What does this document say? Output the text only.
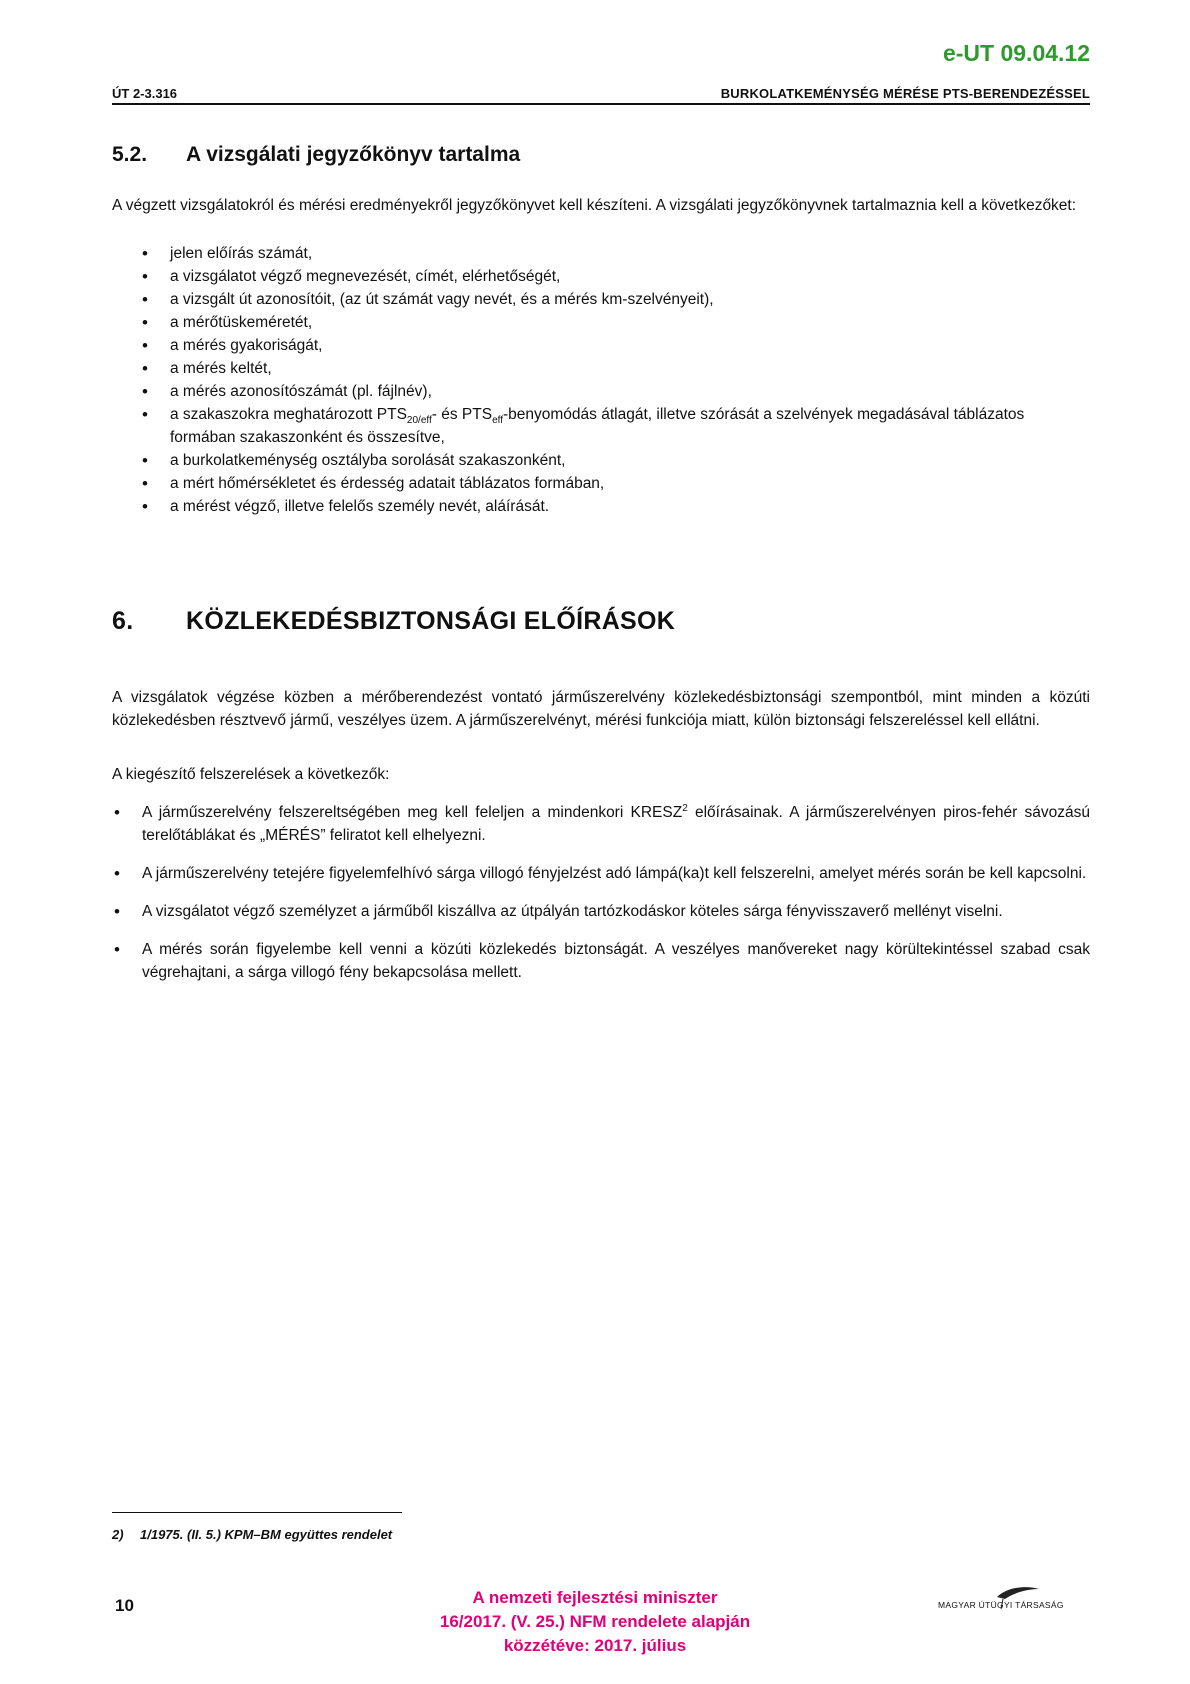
e-UT 09.04.12
ÚT 2-3.316	BURKOLATKEMÉNYSÉG MÉRÉSE PTS-BERENDEZÉSSEL
5.2. A vizsgálati jegyzőkönyv tartalma

A végzett vizsgálatokról és mérési eredményekről jegyzőkönyvet kell készíteni. A vizsgálati jegyzőkönyvnek tartalmaznia kell a következőket:

• jelen előírás számát,
• a vizsgálatot végző megnevezését, címét, elérhetőségét,
• a vizsgált út azonosítóit, (az út számát vagy nevét, és a mérés km-szelvényeit),
• a mérőtüskeméretét,
• a mérés gyakoriságát,
• a mérés keltét,
• a mérés azonosítószámát (pl. fájlnév),
• a szakaszokra meghatározott $PTS_{20/eff}-$ és $PTS_{eff}$-benyomódás átlagát, illetve szórását a szelvények megadásával táblázatos formában szakaszonként és összesítve,
• a burkolatkeménység osztályba sorolását szakaszonként,
• a mért hőmérsékletet és érdesség adatait táblázatos formában,
• a mérést végző, illetve felelős személy nevét, aláírását.
6. KÖZLEKEDÉSBIZTONSÁGI ELŐÍRÁSOK

A vizsgálatok végzése közben a mérőberendezést vontató járműszerelvény közlekedésbiztonsági szempontból, mint minden a közúti közlekedésben résztvevő jármű, veszélyes üzem. A járműszerelvényt, mérési funkciója miatt, külön biztonsági felszereléssel kell ellátni.

A kiegészítő felszerelések a következők:

• A járműszerelvény felszereltségében meg kell feleljen a mindenkori KRESZ$^2$ előírásainak. A járműszerelvényen piros-fehér sávozású terelőtáblákat és „MÉRÉS” feliratot kell elhelyezni.
• A járműszerelvény tetejére figyelemfelhívó sárga villogó fényjelzést adó lámpá(ka)t kell felszerelni, amelyet mérés során be kell kapcsolni.
• A vizsgálatot végző személyzet a járműből kiszállva az útpályán tartózkodáskor köteles sárga fényvisszaverő mellényt viselni.
• A mérés során figyelembe kell venni a közúti közlekedés biztonságát. A veszélyes manővereket nagy körültekintéssel szabad csak végrehajtani, a sárga villogó fény bekapcsolása mellett.
2) 1/1975. (II. 5.) KPM–BM együttes rendelet
10	A nemzeti fejlesztési miniszter
16/2017. (V. 25.) NFM rendelete alapján
közzétéve: 2017. július
MAGYAR ÚTÜGYI TÁRSASÁG
